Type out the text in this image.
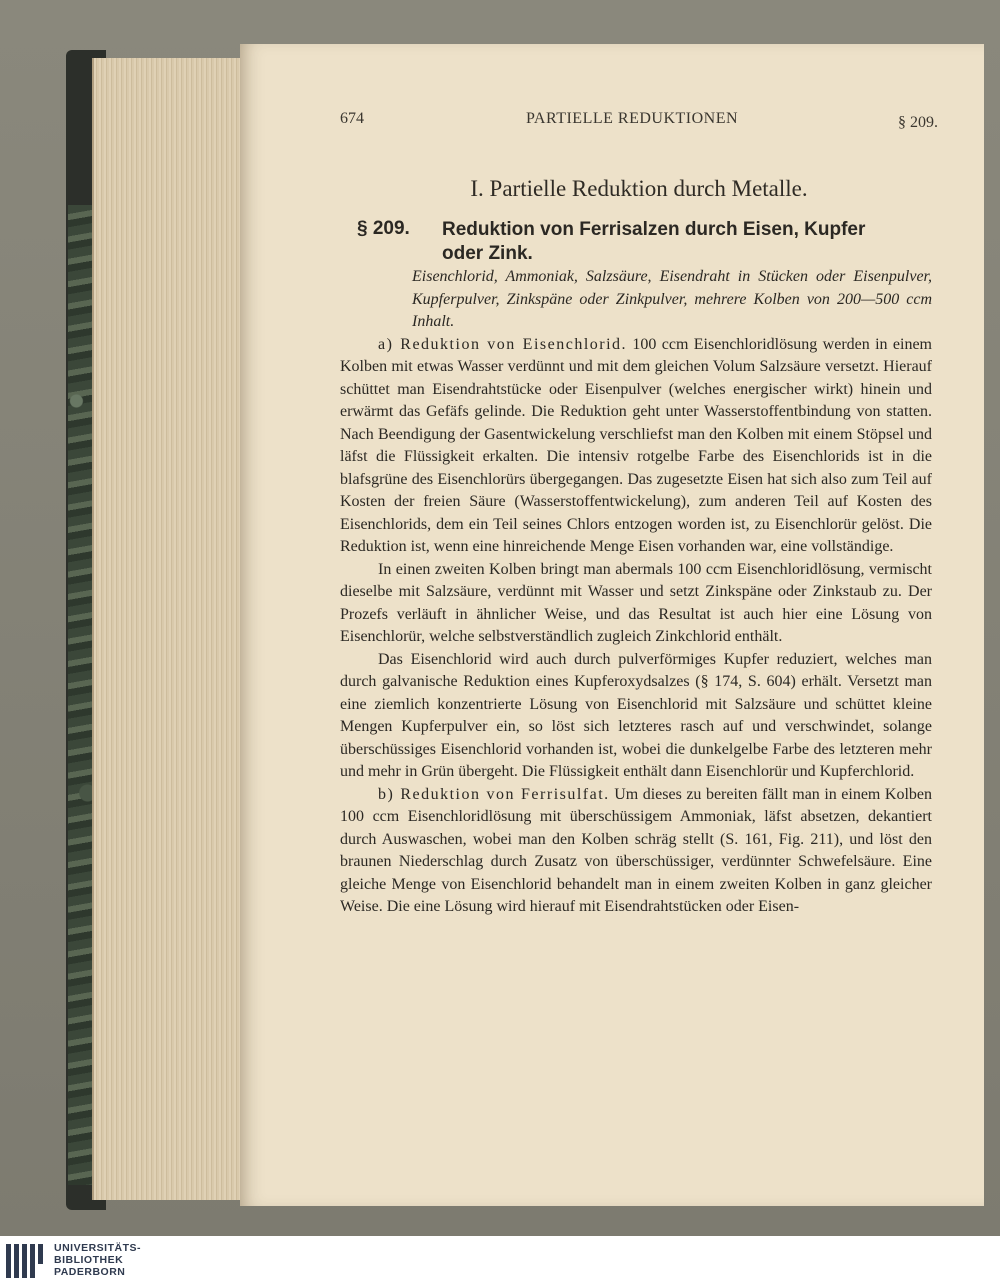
674	PARTIELLE REDUKTIONEN	§ 209.
I. Partielle Reduktion durch Metalle.
§ 209. Reduktion von Ferrisalzen durch Eisen, Kupfer
oder Zink.

Eisenchlorid, Ammoniak, Salzsäure, Eisendraht in Stücken oder Eisenpulver, Kupferpulver, Zinkspäne oder Zinkpulver, mehrere Kolben von 200—500 ccm Inhalt.

a) Reduktion von Eisenchlorid. 100 ccm Eisenchloridlösung werden in einem Kolben mit etwas Wasser verdünnt und mit dem gleichen Volum Salzsäure versetzt. Hierauf schüttet man Eisendrahtstücke oder Eisenpulver (welches energischer wirkt) hinein und erwärmt das Gefäfs gelinde. Die Reduktion geht unter Wasserstoffentbindung von statten. Nach Beendigung der Gasentwickelung verschliefst man den Kolben mit einem Stöpsel und läfst die Flüssigkeit erkalten. Die intensiv rotgelbe Farbe des Eisenchlorids ist in die blafsgrüne des Eisenchlorürs übergegangen. Das zugesetzte Eisen hat sich also zum Teil auf Kosten der freien Säure (Wasserstoffentwickelung), zum anderen Teil auf Kosten des Eisenchlorids, dem ein Teil seines Chlors entzogen worden ist, zu Eisenchlorür gelöst. Die Reduktion ist, wenn eine hinreichende Menge Eisen vorhanden war, eine vollständige.

In einen zweiten Kolben bringt man abermals 100 ccm Eisenchloridlösung, vermischt dieselbe mit Salzsäure, verdünnt mit Wasser und setzt Zinkspäne oder Zinkstaub zu. Der Prozefs verläuft in ähnlicher Weise, und das Resultat ist auch hier eine Lösung von Eisenchlorür, welche selbstverständlich zugleich Zinkchlorid enthält.

Das Eisenchlorid wird auch durch pulverförmiges Kupfer reduziert, welches man durch galvanische Reduktion eines Kupferoxydsalzes (§ 174, S. 604) erhält. Versetzt man eine ziemlich konzentrierte Lösung von Eisenchlorid mit Salzsäure und schüttet kleine Mengen Kupferpulver ein, so löst sich letzteres rasch auf und verschwindet, solange überschüssiges Eisenchlorid vorhanden ist, wobei die dunkelgelbe Farbe des letzteren mehr und mehr in Grün übergeht. Die Flüssigkeit enthält dann Eisenchlorür und Kupferchlorid.

b) Reduktion von Ferrisulfat. Um dieses zu bereiten fällt man in einem Kolben 100 ccm Eisenchloridlösung mit überschüssigem Ammoniak, läfst absetzen, dekantiert durch Auswaschen, wobei man den Kolben schräg stellt (S. 161, Fig. 211), und löst den braunen Niederschlag durch Zusatz von überschüssiger, verdünnter Schwefelsäure. Eine gleiche Menge von Eisenchlorid behandelt man in einem zweiten Kolben in ganz gleicher Weise. Die eine Lösung wird hierauf mit Eisendrahtstücken oder Eisen-

UNIVERSITÄTS-
BIBLIOTHEK
PADERBORN
